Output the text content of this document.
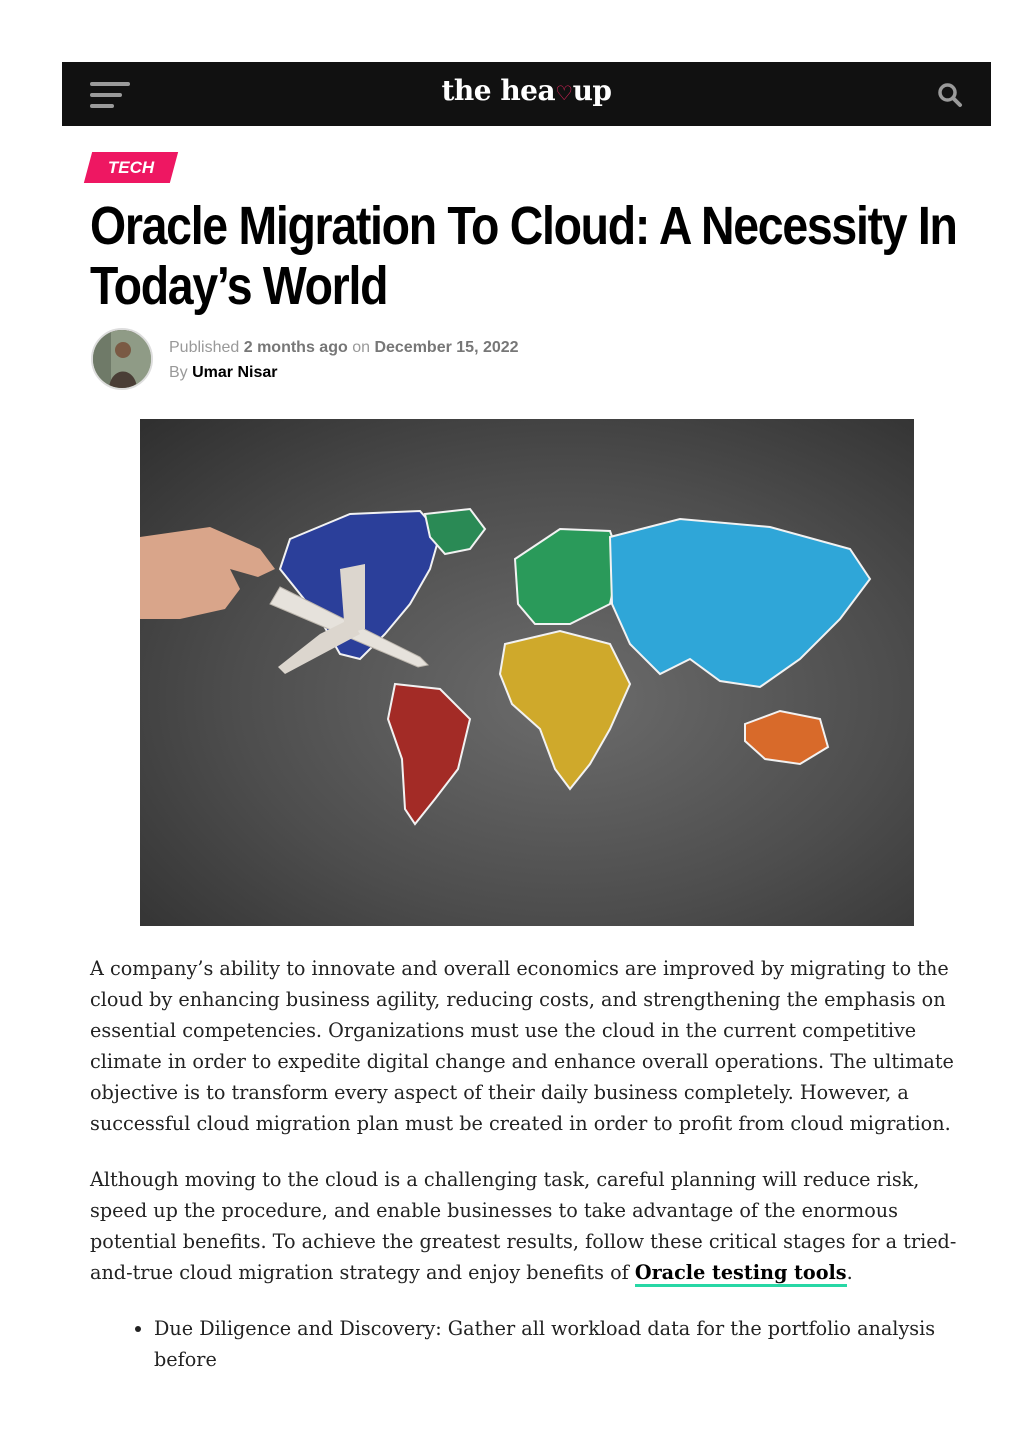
the hea♡up
TECH
Oracle Migration To Cloud: A Necessity In Today’s World
Published 2 months ago on December 15, 2022
By Umar Nisar

A company’s ability to innovate and overall economics are improved by migrating to the cloud by enhancing business agility, reducing costs, and strengthening the emphasis on essential competencies. Organizations must use the cloud in the current competitive climate in order to expedite digital change and enhance overall operations. The ultimate objective is to transform every aspect of their daily business completely. However, a successful cloud migration plan must be created in order to profit from cloud migration.

Although moving to the cloud is a challenging task, careful planning will reduce risk, speed up the procedure, and enable businesses to take advantage of the enormous potential benefits. To achieve the greatest results, follow these critical stages for a tried-and-true cloud migration strategy and enjoy benefits of Oracle testing tools.

• Due Diligence and Discovery: Gather all workload data for the portfolio analysis before
